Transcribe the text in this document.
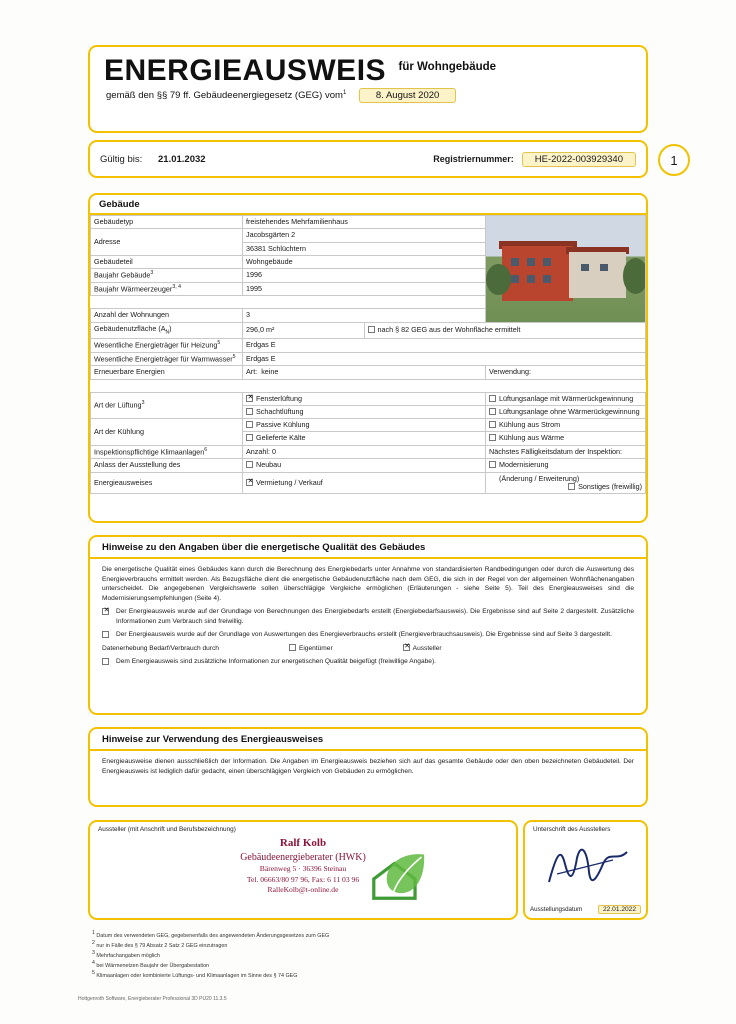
ENERGIEAUSWEIS für Wohngebäude
gemäß den §§ 79 ff. Gebäudeenergiegesetz (GEG) vom$^1$	8. August 2020
Gültig bis:	21.01.2032	Registriernummer:	HE-2022-003929340	1
Gebäude
Gebäudetyp	freistehendes Mehrfamilienhaus		

Adresse	Jacobsgärten 2		
	36381 Schlüchtern		
Gebäudeteil	Wohngebäude		
Baujahr Gebäude$^3$	1996		
Baujahr Wärmeerzeuger$^{3, 4}$	1995		

Anzahl der Wohnungen	3		
Gebäudenutzfläche $(A_N)$	296,0 m²	nach § 82 GEG aus der Wohnfläche ermittelt	
Wesentliche Energieträger für Heizung$^5$	Erdgas E		
Wesentliche Energieträger für Warmwasser$^5$	Erdgas E		
Erneuerbare Energien	Art: keine		Verwendung:

Art der Lüftung$^3$	✕Fensterlüftung		Lüftungsanlage mit Wärmerückgewinnung
	Schachtlüftung		Lüftungsanlage ohne Wärmerückgewinnung
Art der Kühlung	Passive Kühlung		Kühlung aus Strom
	Gelieferte Kälte		Kühlung aus Wärme
Inspektionspflichtige Klimaanlagen$^6$	Anzahl: 0		Nächstes Fälligkeitsdatum der Inspektion:
Anlass der Ausstellung des	Neubau		Modernisierung
Energieausweises	✕Vermietung / Verkauf		(Änderung / Erweiterung)
Sonstiges (freiwillig)
Hinweise zu den Angaben über die energetische Qualität des Gebäudes

Die energetische Qualität eines Gebäudes kann durch die Berechnung des Energiebedarfs unter Annahme von standardisierten Randbedingungen oder durch die Auswertung des Energieverbrauchs ermittelt werden. Als Bezugsfläche dient die energetische Gebäudenutzfläche nach dem GEG, die sich in der Regel von der allgemeinen Wohnflächenangaben unterscheidet. Die angegebenen Vergleichswerte sollen überschlägige Vergleiche ermöglichen (Erläuterungen - siehe Seite 5). Teil des Energieausweises sind die Modernisierungsempfehlungen (Seite 4).

✕
Der Energieausweis wurde auf der Grundlage von Berechnungen des Energiebedarfs erstellt (Energiebedarfsausweis). Die Ergebnisse sind auf Seite 2 dargestellt. Zusätzliche Informationen zum Verbrauch sind freiwillig.
Der Energieausweis wurde auf der Grundlage von Auswertungen des Energieverbrauchs erstellt (Energieverbrauchsausweis). Die Ergebnisse sind auf Seite 3 dargestellt.
Datenerhebung Bedarf/Verbrauch durch	Eigentümer ✕	Aussteller
Dem Energieausweis sind zusätzliche Informationen zur energetischen Qualität beigefügt (freiwillige Angabe).
Hinweise zur Verwendung des Energieausweises

Energieausweise dienen ausschließlich der Information. Die Angaben im Energieausweis beziehen sich auf das gesamte Gebäude oder den oben bezeichneten Gebäudeteil. Der Energieausweis ist lediglich dafür gedacht, einen überschlägigen Vergleich von Gebäuden zu ermöglichen.

Aussteller (mit Anschrift und Berufsbezeichnung)
Ralf Kolb
Gebäudeenergieberater (HWK)
Bärenweg 5 · 36396 Steinau
Tel. 06663/80 97 96, Fax: 6 11 03 96
RalleKolb@t-online.de
Unterschrift des Ausstellers
Ausstellungsdatum	22.01.2022
$^1$ Datum des verwendeten GEG, gegebenenfalls des angewendeten Änderungsgesetzes zum GEG
$^2$ nur in Fälle des § 79 Absatz 2 Satz 2 GEG einzutragen
$^3$ Mehrfachangaben möglich
$^4$ bei Wärmenetzen Baujahr der Übergabestation
$^5$ Klimaanlagen oder kombinierte Lüftungs- und Klimaanlagen im Sinne des § 74 GEG
Hottgenroth Software, Energieberater Professional 3D PU20 11.3.5
